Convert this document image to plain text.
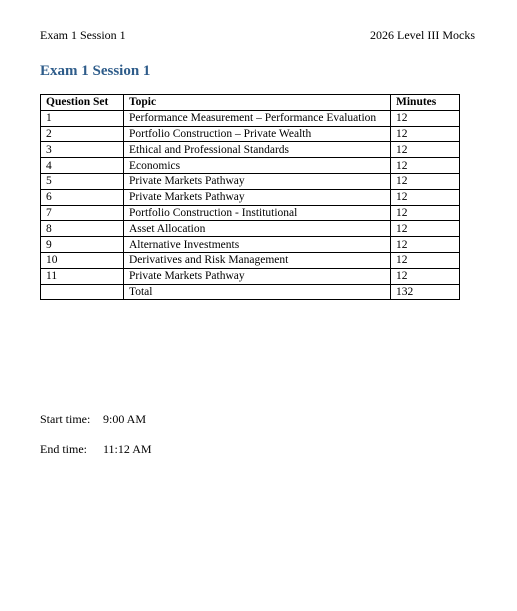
Exam 1 Session 1	2026 Level III Mocks
Exam 1 Session 1
Question Set	Topic	Minutes
1	Performance Measurement – Performance Evaluation	12
2	Portfolio Construction – Private Wealth	12
3	Ethical and Professional Standards	12
4	Economics	12
5	Private Markets Pathway	12
6	Private Markets Pathway	12
7	Portfolio Construction - Institutional	12
8	Asset Allocation	12
9	Alternative Investments	12
10	Derivatives and Risk Management	12
11	Private Markets Pathway	12
	Total	132
Start time: 9:00 AM
End time: 11:12 AM
